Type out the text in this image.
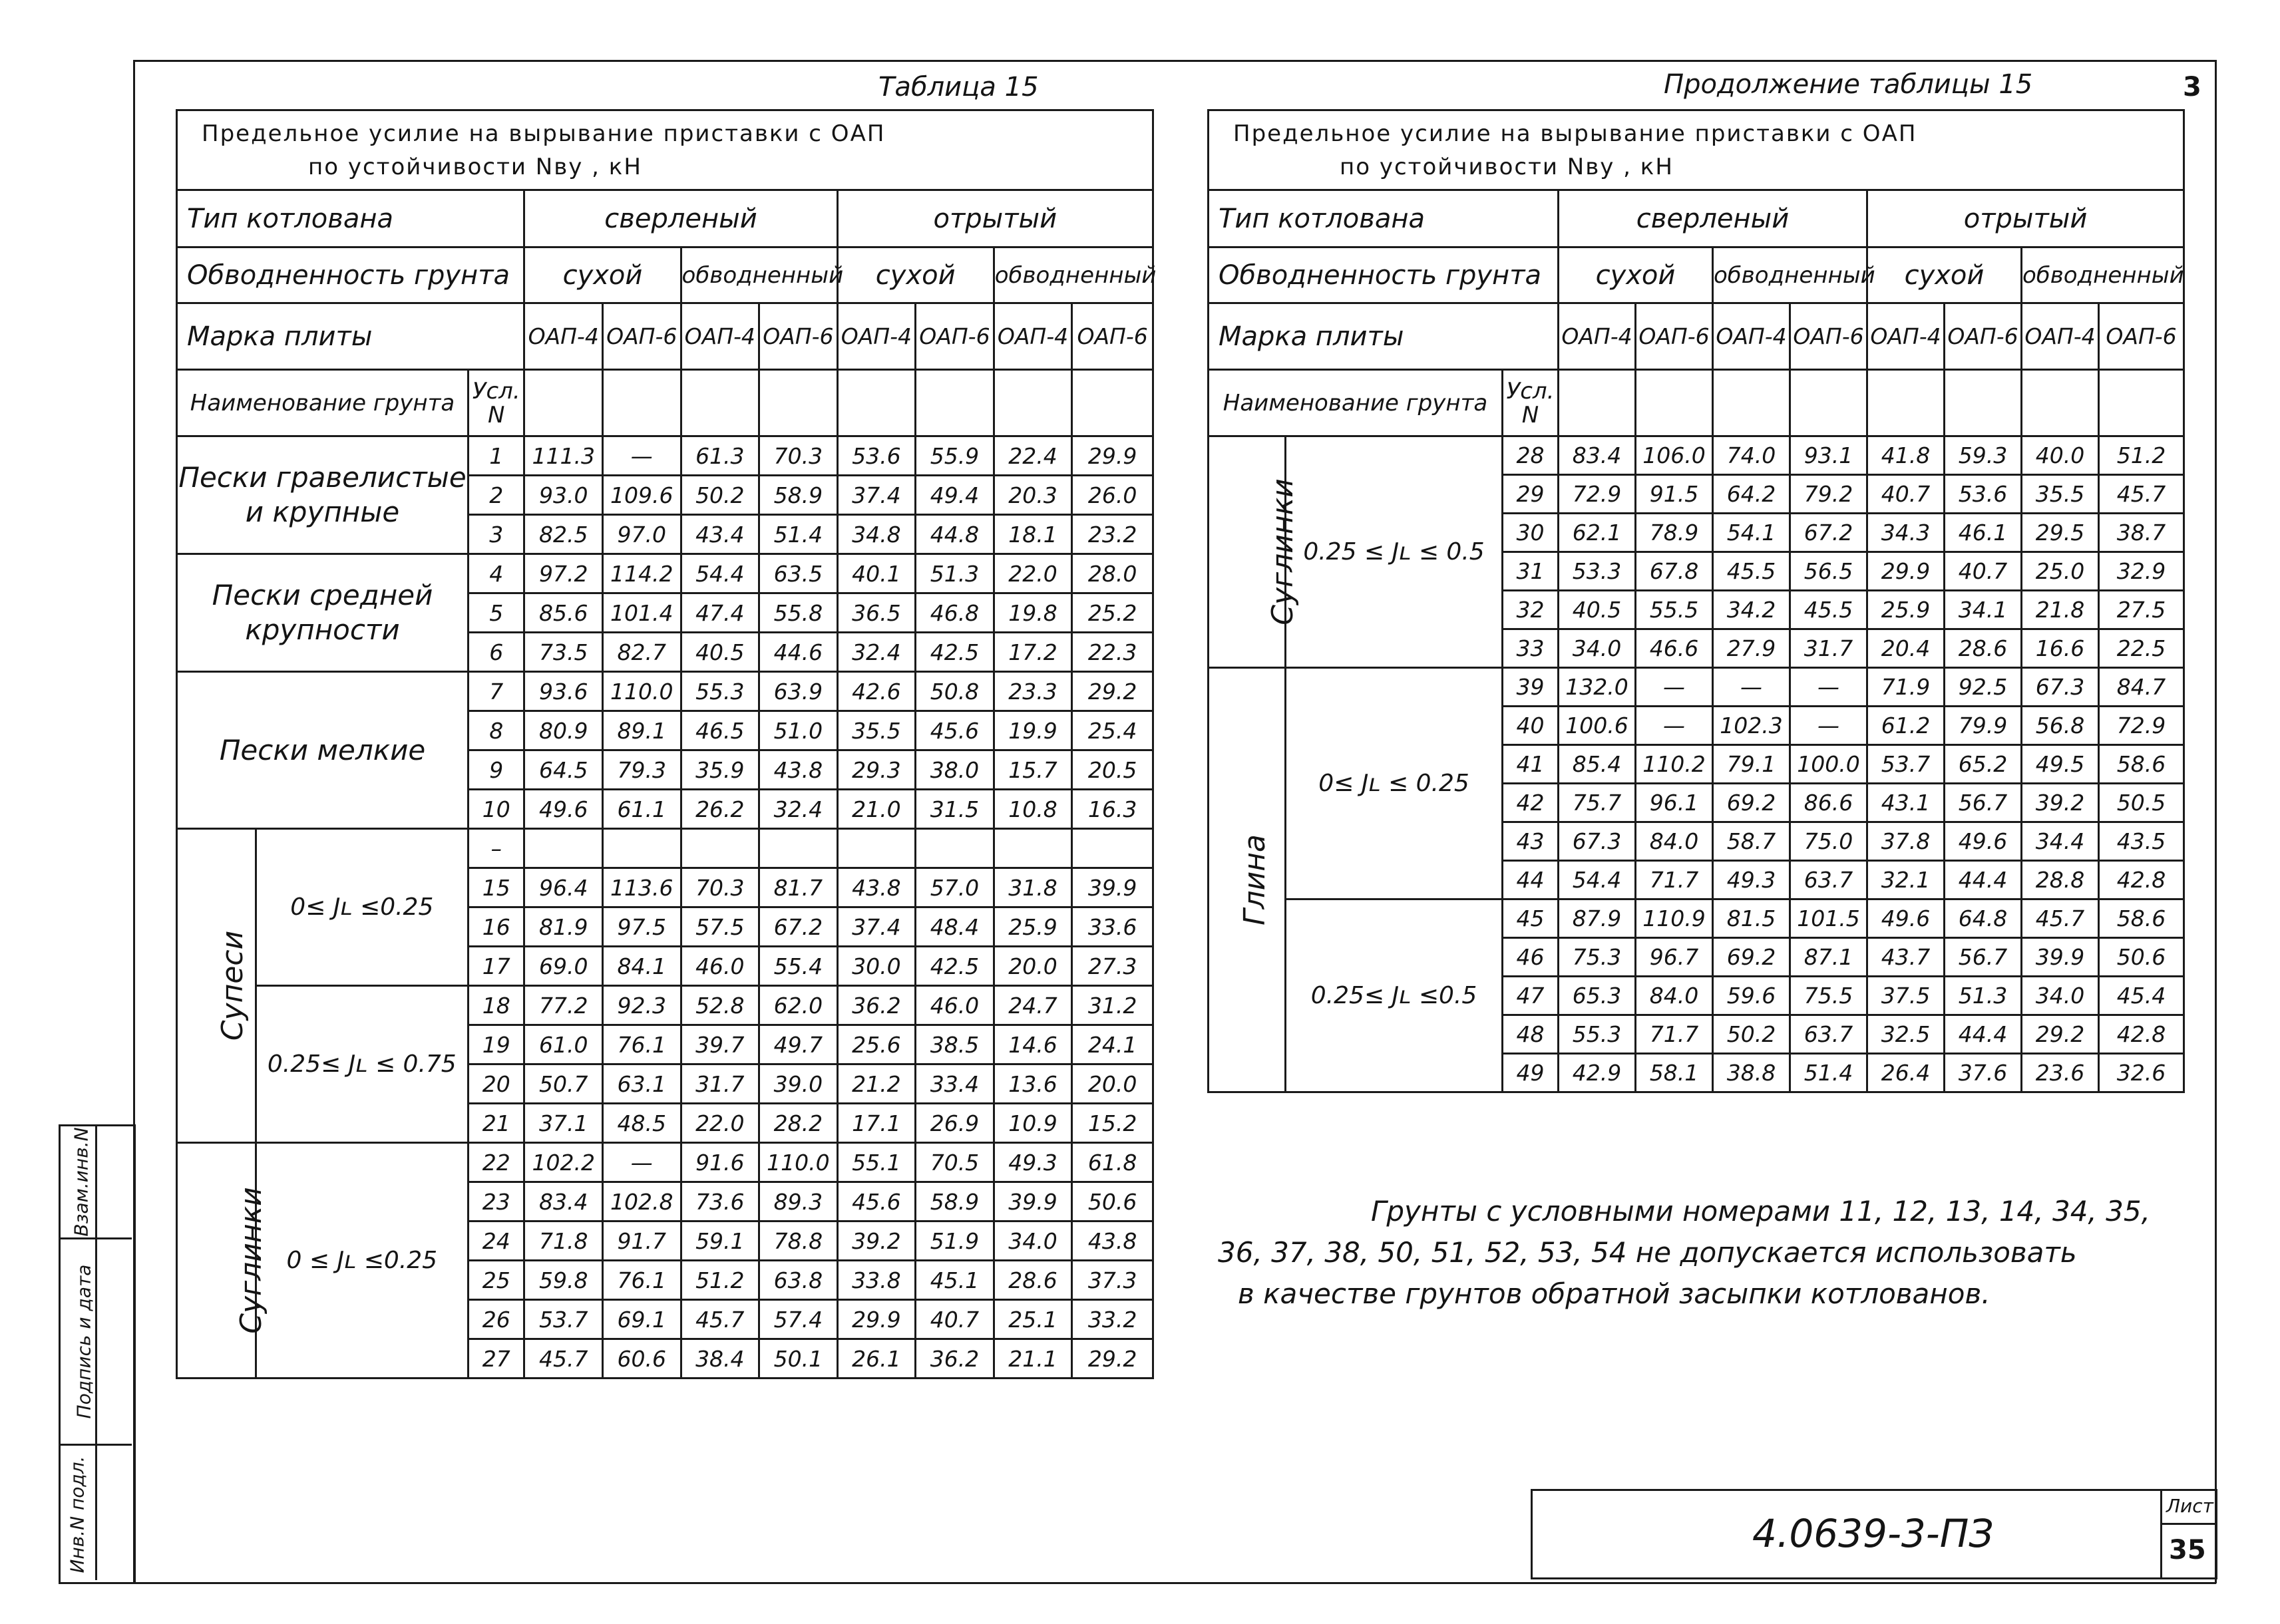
Взам.инв.N
Подпись и дата
Инв.N подл.
Таблица 15	Продолжение таблицы 15	3
Предельное усилие на вырывание приставки с ОАП
по устойчивости Nву , кН										

Тип котлована			сверленый				отрытый			
Обводненность грунта			сухой		обводненный		сухой		обводненный	
Марка плиты			ОАП-4	ОАП-6	ОАП-4	ОАП-6	ОАП-4	ОАП-6	ОАП-4	ОАП-6
Наименование грунта		Усл. N								
Пески гравелистые и крупные		1	111.3	—	61.3	70.3	53.6	55.9	22.4	29.9
		2	93.0	109.6	50.2	58.9	37.4	49.4	20.3	26.0
		3	82.5	97.0	43.4	51.4	34.8	44.8	18.1	23.2
Пески средней крупности		4	97.2	114.2	54.4	63.5	40.1	51.3	22.0	28.0
		5	85.6	101.4	47.4	55.8	36.5	46.8	19.8	25.2
		6	73.5	82.7	40.5	44.6	32.4	42.5	17.2	22.3
Пески мелкие		7	93.6	110.0	55.3	63.9	42.6	50.8	23.3	29.2
		8	80.9	89.1	46.5	51.0	35.5	45.6	19.9	25.4
		9	64.5	79.3	35.9	43.8	29.3	38.0	15.7	20.5
		10	49.6	61.1	26.2	32.4	21.0	31.5	10.8	16.3
Супеси	0≤ Jʟ ≤0.25	–								
		15	96.4	113.6	70.3	81.7	43.8	57.0	31.8	39.9
		16	81.9	97.5	57.5	67.2	37.4	48.4	25.9	33.6
		17	69.0	84.1	46.0	55.4	30.0	42.5	20.0	27.3
	0.25≤ Jʟ ≤ 0.75	18	77.2	92.3	52.8	62.0	36.2	46.0	24.7	31.2
		19	61.0	76.1	39.7	49.7	25.6	38.5	14.6	24.1
		20	50.7	63.1	31.7	39.0	21.2	33.4	13.6	20.0
		21	37.1	48.5	22.0	28.2	17.1	26.9	10.9	15.2
Суглинки	0 ≤ Jʟ ≤0.25	22	102.2	—	91.6	110.0	55.1	70.5	49.3	61.8
		23	83.4	102.8	73.6	89.3	45.6	58.9	39.9	50.6
		24	71.8	91.7	59.1	78.8	39.2	51.9	34.0	43.8
		25	59.8	76.1	51.2	63.8	33.8	45.1	28.6	37.3
		26	53.7	69.1	45.7	57.4	29.9	40.7	25.1	33.2
		27	45.7	60.6	38.4	50.1	26.1	36.2	21.1	29.2
Предельное усилие на вырывание приставки с ОАП
по устойчивости Nву , кН										

Тип котлована			сверленый				отрытый			
Обводненность грунта			сухой		обводненный		сухой		обводненный	
Марка плиты			ОАП-4	ОАП-6	ОАП-4	ОАП-6	ОАП-4	ОАП-6	ОАП-4	ОАП-6
Наименование грунта		Усл. N								
Суглинки	0.25 ≤ Jʟ ≤ 0.5	28	83.4	106.0	74.0	93.1	41.8	59.3	40.0	51.2
		29	72.9	91.5	64.2	79.2	40.7	53.6	35.5	45.7
		30	62.1	78.9	54.1	67.2	34.3	46.1	29.5	38.7
		31	53.3	67.8	45.5	56.5	29.9	40.7	25.0	32.9
		32	40.5	55.5	34.2	45.5	25.9	34.1	21.8	27.5
		33	34.0	46.6	27.9	31.7	20.4	28.6	16.6	22.5
Глина	0≤ Jʟ ≤ 0.25	39	132.0	—	—	—	71.9	92.5	67.3	84.7
		40	100.6	—	102.3	—	61.2	79.9	56.8	72.9
		41	85.4	110.2	79.1	100.0	53.7	65.2	49.5	58.6
		42	75.7	96.1	69.2	86.6	43.1	56.7	39.2	50.5
		43	67.3	84.0	58.7	75.0	37.8	49.6	34.4	43.5
		44	54.4	71.7	49.3	63.7	32.1	44.4	28.8	42.8
	0.25≤ Jʟ ≤0.5	45	87.9	110.9	81.5	101.5	49.6	64.8	45.7	58.6
		46	75.3	96.7	69.2	87.1	43.7	56.7	39.9	50.6
		47	65.3	84.0	59.6	75.5	37.5	51.3	34.0	45.4
		48	55.3	71.7	50.2	63.7	32.5	44.4	29.2	42.8
		49	42.9	58.1	38.8	51.4	26.4	37.6	23.6	32.6
Грунты с условными номерами 11, 12, 13, 14, 34, 35,
36, 37, 38, 50, 51, 52, 53, 54 не допускается использовать
в качестве грунтов обратной засыпки котлованов.
4.0639-3-ПЗ
Лист
35
